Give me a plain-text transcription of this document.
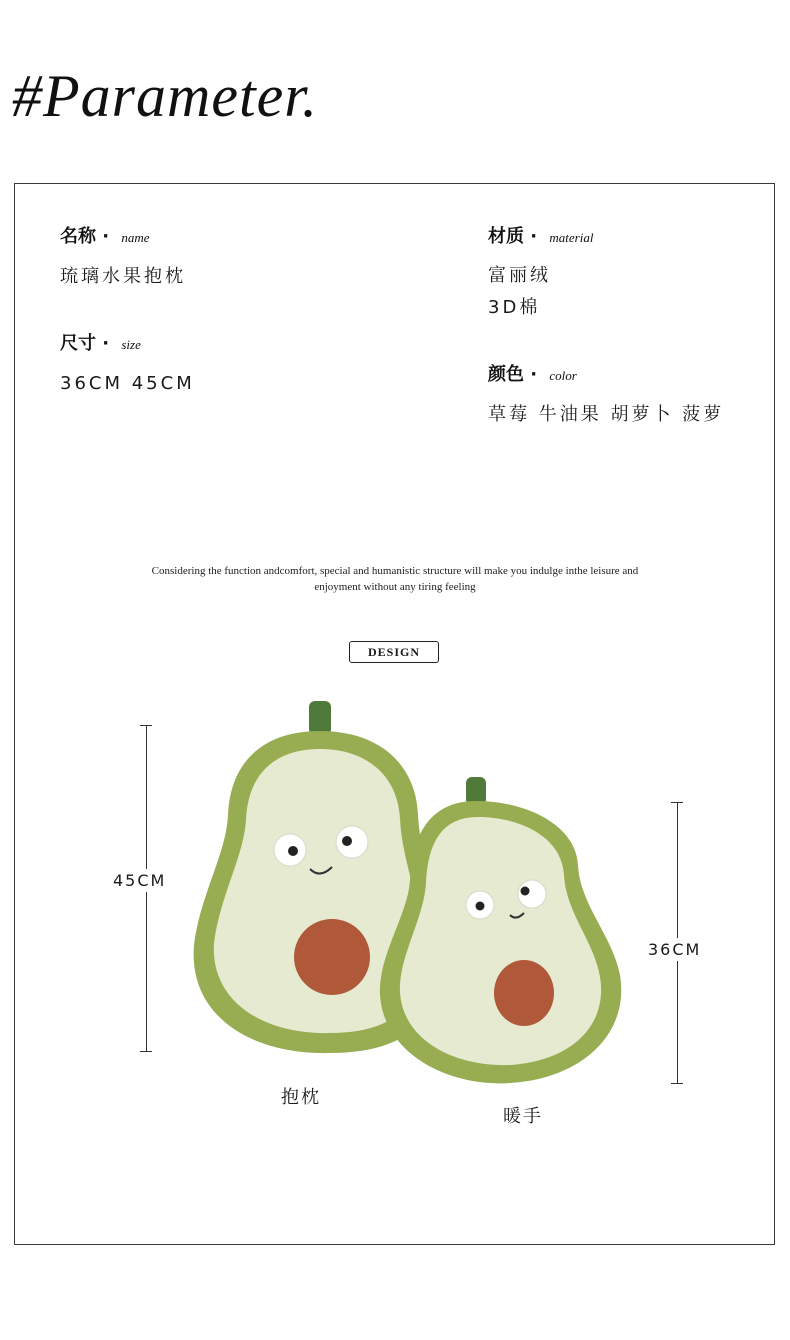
#Parameter.
名称 · name
琉璃水果抱枕
尺寸 · size
36CM 45CM
材质 · material
富丽绒
3D棉
颜色 · color
草莓 牛油果 胡萝卜 菠萝
Considering the function andcomfort, special and humanistic structure will make you indulge inthe leisure and
enjoyment without any tiring feeling
DESIGN
45CM
36CM
抱枕
暖手
